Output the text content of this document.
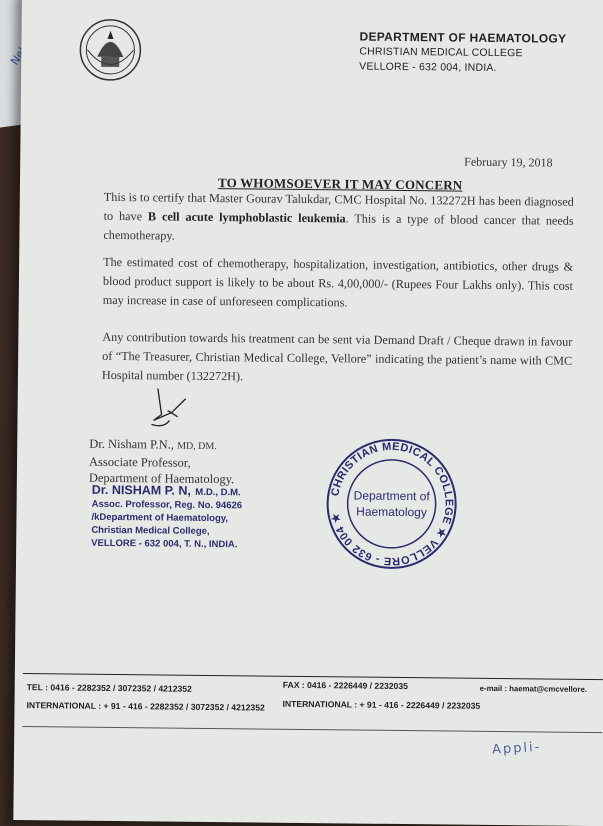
DEPARTMENT OF HAEMATOLOGY
CHRISTIAN MEDICAL COLLEGE
VELLORE - 632 004, INDIA.
February 19, 2018
TO WHOMSOEVER IT MAY CONCERN
This is to certify that Master Gourav Talukdar, CMC Hospital No. 132272H has been diagnosed to have B cell acute lymphoblastic leukemia. This is a type of blood cancer that needs chemotherapy.
The estimated cost of chemotherapy, hospitalization, investigation, antibiotics, other drugs & blood product support is likely to be about Rs. 4,00,000/- (Rupees Four Lakhs only). This cost may increase in case of unforeseen complications.
Any contribution towards his treatment can be sent via Demand Draft / Cheque drawn in favour of “The Treasurer, Christian Medical College, Vellore” indicating the patient’s name with CMC Hospital number (132272H).
Dr. Nisham P.N., MD, DM.
Associate Professor,
Department of Haematology.
Dr. NISHAM P. N, M.D., D.M.
Assoc. Professor, Reg. No. 94626
/kDepartment of Haematology,
Christian Medical College,
VELLORE - 632 004, T. N., INDIA.
CHRISTIAN MEDICAL COLLEGE ★ VELLORE - 632 004 ★
Department of
Haematology
TEL : 0416 - 2282352 / 3072352 / 4212352
INTERNATIONAL : + 91 - 416 - 2282352 / 3072352 / 4212352
FAX : 0416 - 2226449 / 2232035
INTERNATIONAL : + 91 - 416 - 2226449 / 2232035
e-mail : haemat@cmcvellore.
Appli-
